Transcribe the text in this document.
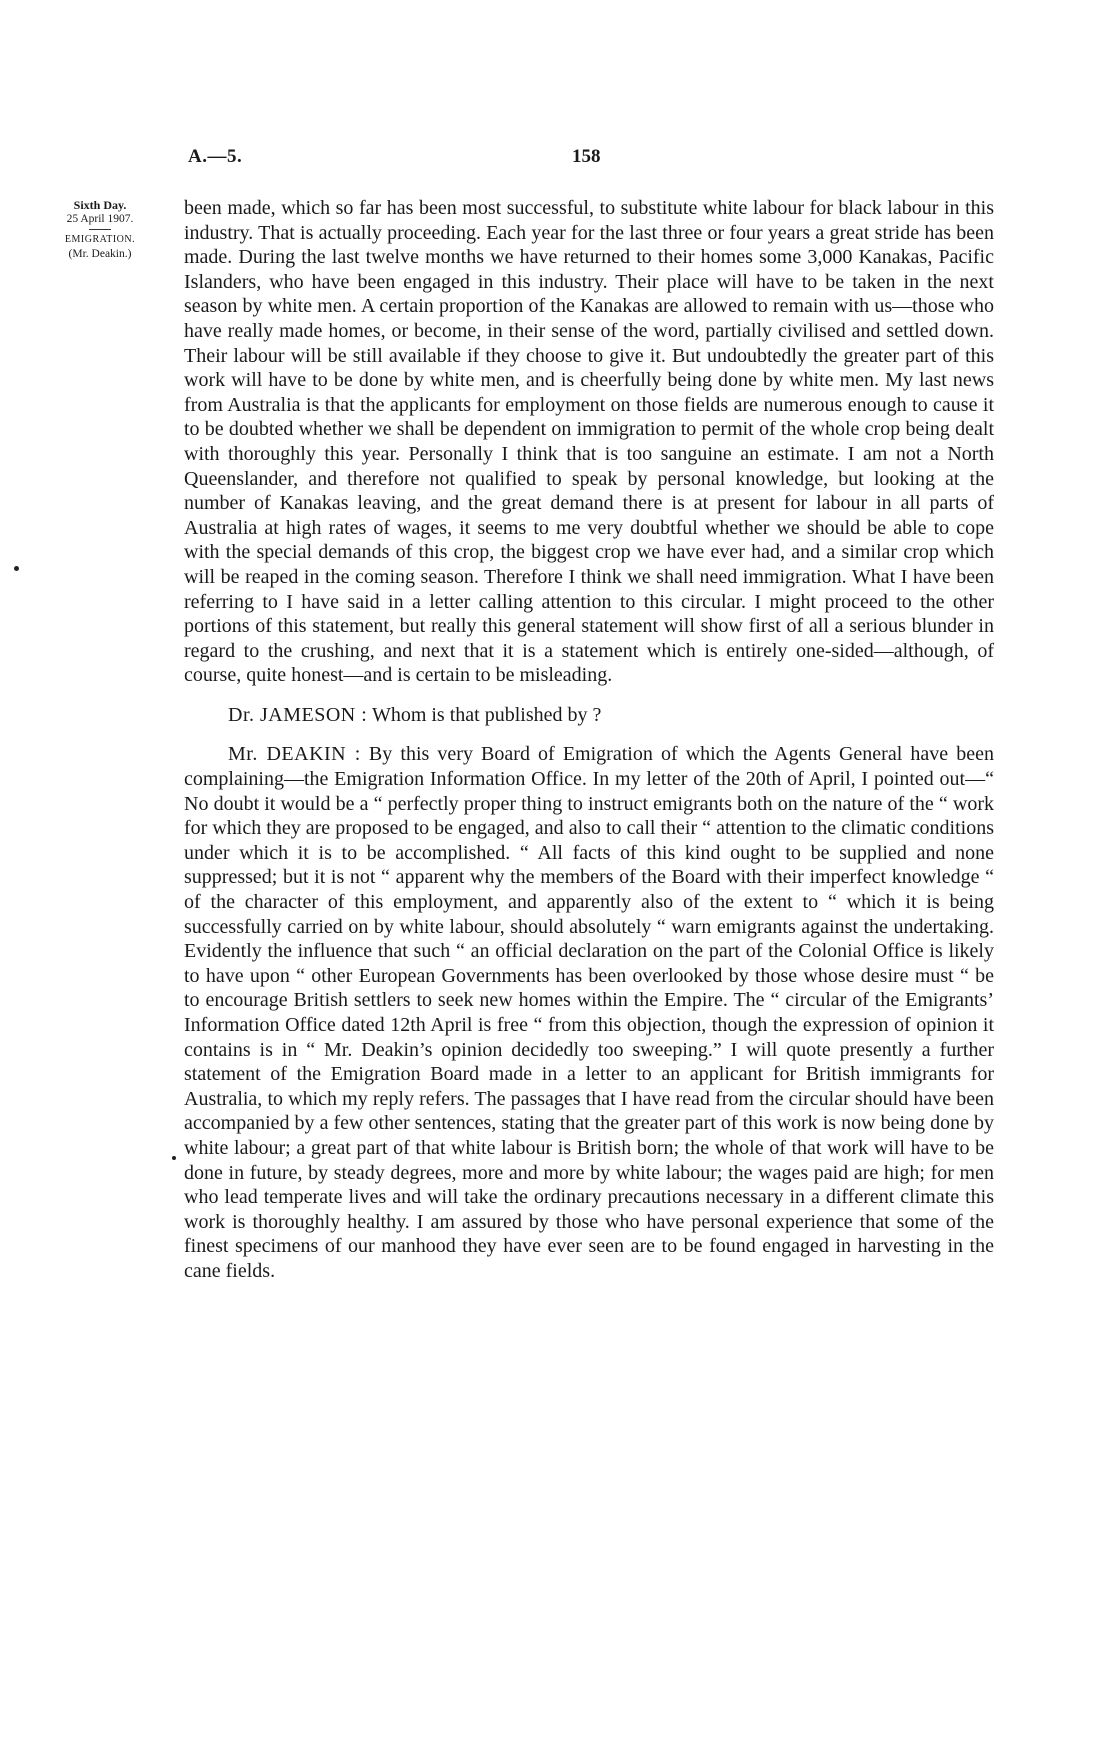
A.—5.	158
Sixth Day.
25 April 1907.
EMIGRATION.
(Mr. Deakin.)

been made, which so far has been most successful, to substitute white labour for black labour in this industry. That is actually proceeding. Each year for the last three or four years a great stride has been made. During the last twelve months we have returned to their homes some 3,000 Kanakas, Pacific Islanders, who have been engaged in this industry. Their place will have to be taken in the next season by white men. A certain proportion of the Kanakas are allowed to remain with us—those who have really made homes, or become, in their sense of the word, partially civilised and settled down. Their labour will be still available if they choose to give it. But undoubtedly the greater part of this work will have to be done by white men, and is cheerfully being done by white men. My last news from Australia is that the applicants for employment on those fields are numerous enough to cause it to be doubted whether we shall be dependent on immigration to permit of the whole crop being dealt with thoroughly this year. Personally I think that is too sanguine an estimate. I am not a North Queenslander, and therefore not qualified to speak by personal knowledge, but looking at the number of Kanakas leaving, and the great demand there is at present for labour in all parts of Australia at high rates of wages, it seems to me very doubtful whether we should be able to cope with the special demands of this crop, the biggest crop we have ever had, and a similar crop which will be reaped in the coming season. Therefore I think we shall need immigration. What I have been referring to I have said in a letter calling attention to this circular. I might proceed to the other portions of this statement, but really this general statement will show first of all a serious blunder in regard to the crushing, and next that it is a statement which is entirely one-sided—although, of course, quite honest—and is certain to be misleading.

Dr. JAMESON : Whom is that published by ?

Mr. DEAKIN : By this very Board of Emigration of which the Agents General have been complaining—the Emigration Information Office. In my letter of the 20th of April, I pointed out—“ No doubt it would be a “ perfectly proper thing to instruct emigrants both on the nature of the “ work for which they are proposed to be engaged, and also to call their “ attention to the climatic conditions under which it is to be accomplished. “ All facts of this kind ought to be supplied and none suppressed; but it is not “ apparent why the members of the Board with their imperfect knowledge “ of the character of this employment, and apparently also of the extent to “ which it is being successfully carried on by white labour, should absolutely “ warn emigrants against the undertaking. Evidently the influence that such “ an official declaration on the part of the Colonial Office is likely to have upon “ other European Governments has been overlooked by those whose desire must “ be to encourage British settlers to seek new homes within the Empire. The “ circular of the Emigrants’ Information Office dated 12th April is free “ from this objection, though the expression of opinion it contains is in “ Mr. Deakin’s opinion decidedly too sweeping.” I will quote presently a further statement of the Emigration Board made in a letter to an applicant for British immigrants for Australia, to which my reply refers. The passages that I have read from the circular should have been accompanied by a few other sentences, stating that the greater part of this work is now being done by white labour; a great part of that white labour is British born; the whole of that work will have to be done in future, by steady degrees, more and more by white labour; the wages paid are high; for men who lead temperate lives and will take the ordinary precautions necessary in a different climate this work is thoroughly healthy. I am assured by those who have personal experience that some of the finest specimens of our manhood they have ever seen are to be found engaged in harvesting in the cane fields.
